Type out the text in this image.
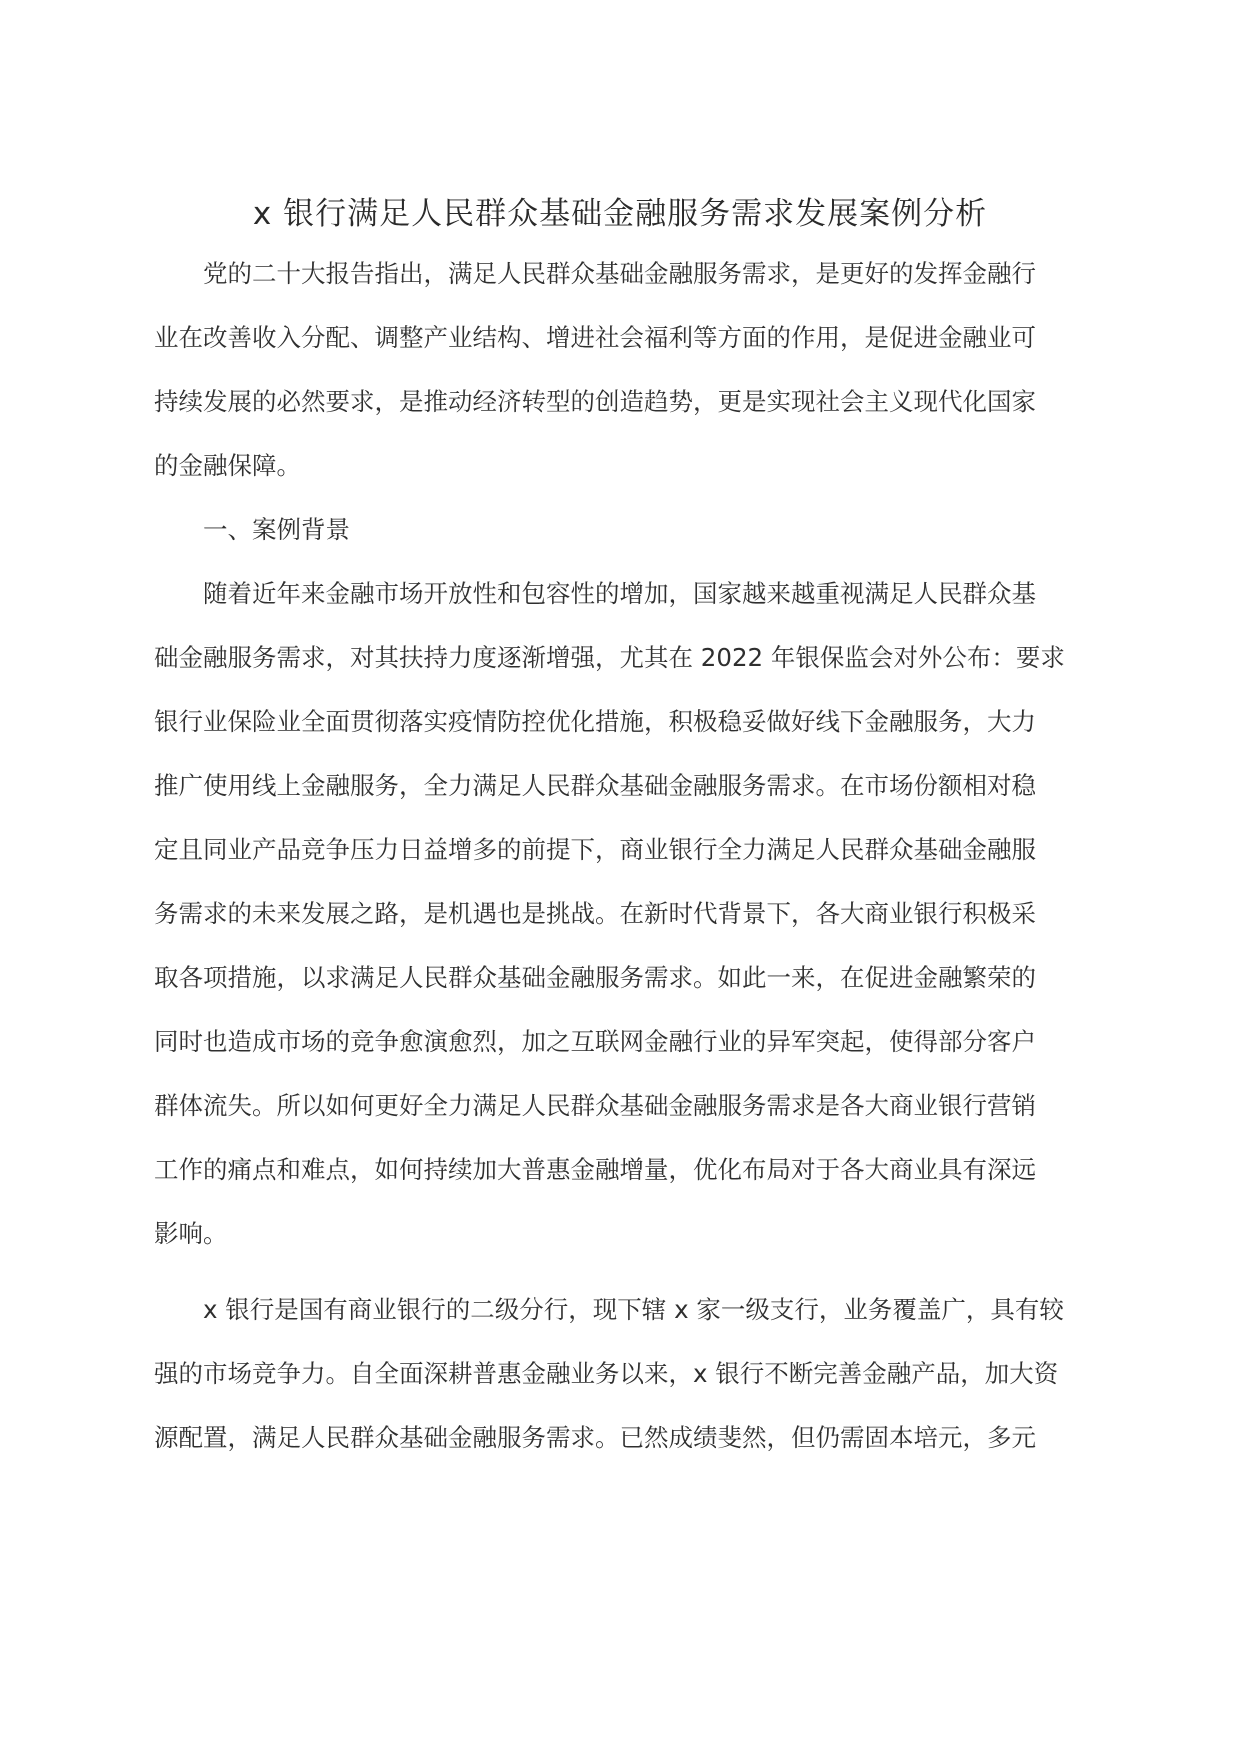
x 银行满足人民群众基础金融服务需求发展案例分析
党的二十大报告指出，满足人民群众基础金融服务需求，是更好的发挥金融行
业在改善收入分配、调整产业结构、增进社会福利等方面的作用，是促进金融业可
持续发展的必然要求，是推动经济转型的创造趋势，更是实现社会主义现代化国家
的金融保障。
一、案例背景
随着近年来金融市场开放性和包容性的增加，国家越来越重视满足人民群众基
础金融服务需求，对其扶持力度逐渐增强，尤其在 2022 年银保监会对外公布：要求
银行业保险业全面贯彻落实疫情防控优化措施，积极稳妥做好线下金融服务，大力
推广使用线上金融服务，全力满足人民群众基础金融服务需求。在市场份额相对稳
定且同业产品竞争压力日益增多的前提下，商业银行全力满足人民群众基础金融服
务需求的未来发展之路，是机遇也是挑战。在新时代背景下，各大商业银行积极采
取各项措施，以求满足人民群众基础金融服务需求。如此一来，在促进金融繁荣的
同时也造成市场的竞争愈演愈烈，加之互联网金融行业的异军突起，使得部分客户
群体流失。所以如何更好全力满足人民群众基础金融服务需求是各大商业银行营销
工作的痛点和难点，如何持续加大普惠金融增量，优化布局对于各大商业具有深远
影响。
x 银行是国有商业银行的二级分行，现下辖 x 家一级支行，业务覆盖广，具有较
强的市场竞争力。自全面深耕普惠金融业务以来，x 银行不断完善金融产品，加大资
源配置，满足人民群众基础金融服务需求。已然成绩斐然，但仍需固本培元，多元
